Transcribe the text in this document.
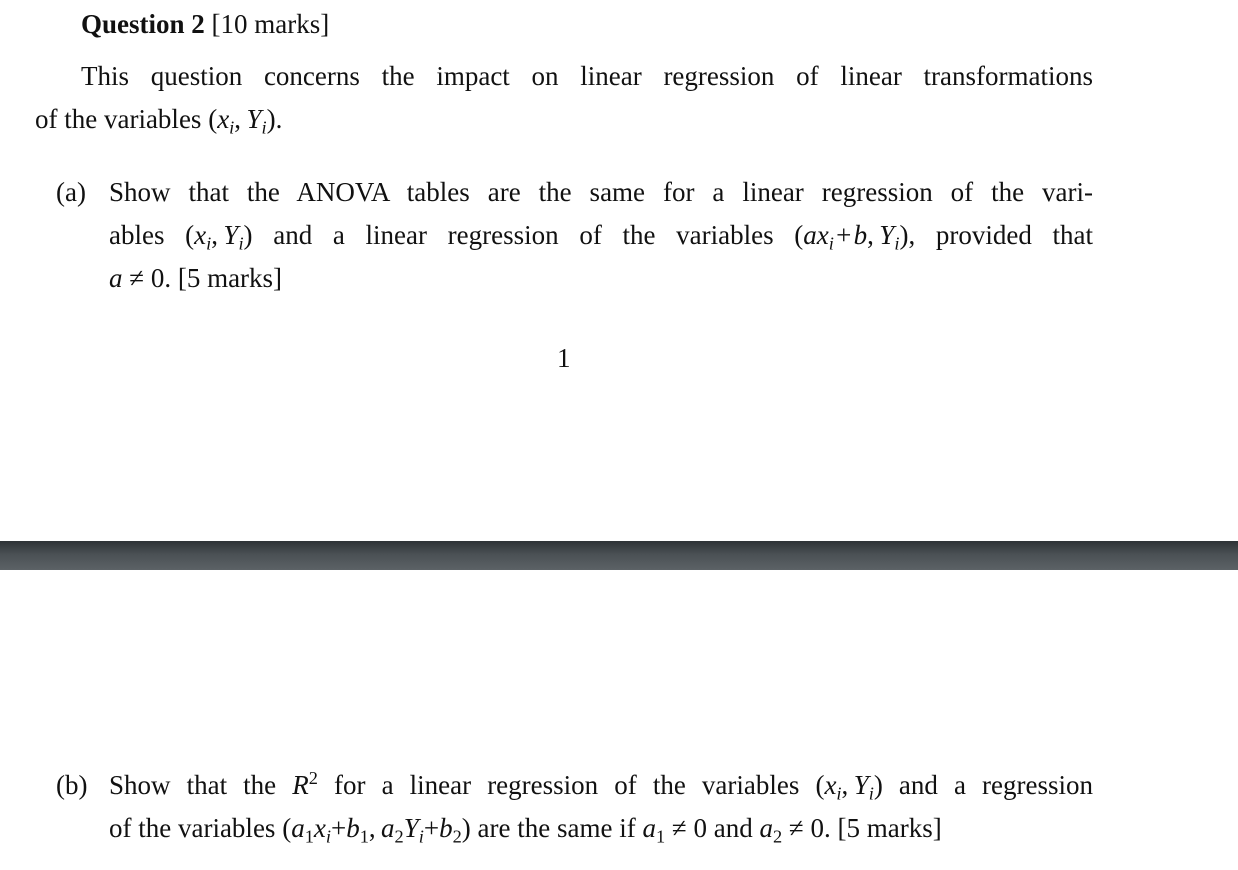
Question 2 [10 marks]
This question concerns the impact on linear regression of linear transformations
of the variables ($x_i$, $Y_i$).
(a) Show that the ANOVA tables are the same for a linear regression of the vari-
ables ($x_i$, $Y_i$) and a linear regression of the variables ($ax_i$ + b, $Y_i$), provided that
a ≠ 0. [5 marks]
1
(b) Show that the $R^2$ for a linear regression of the variables ($x_i$, $Y_i$) and a regression
of the variables ($a_1x_i+b_1$, $a_2Y_i+b_2$) are the same if $a_1 \ne 0$ and $a_2 \ne 0$. [5 marks]
